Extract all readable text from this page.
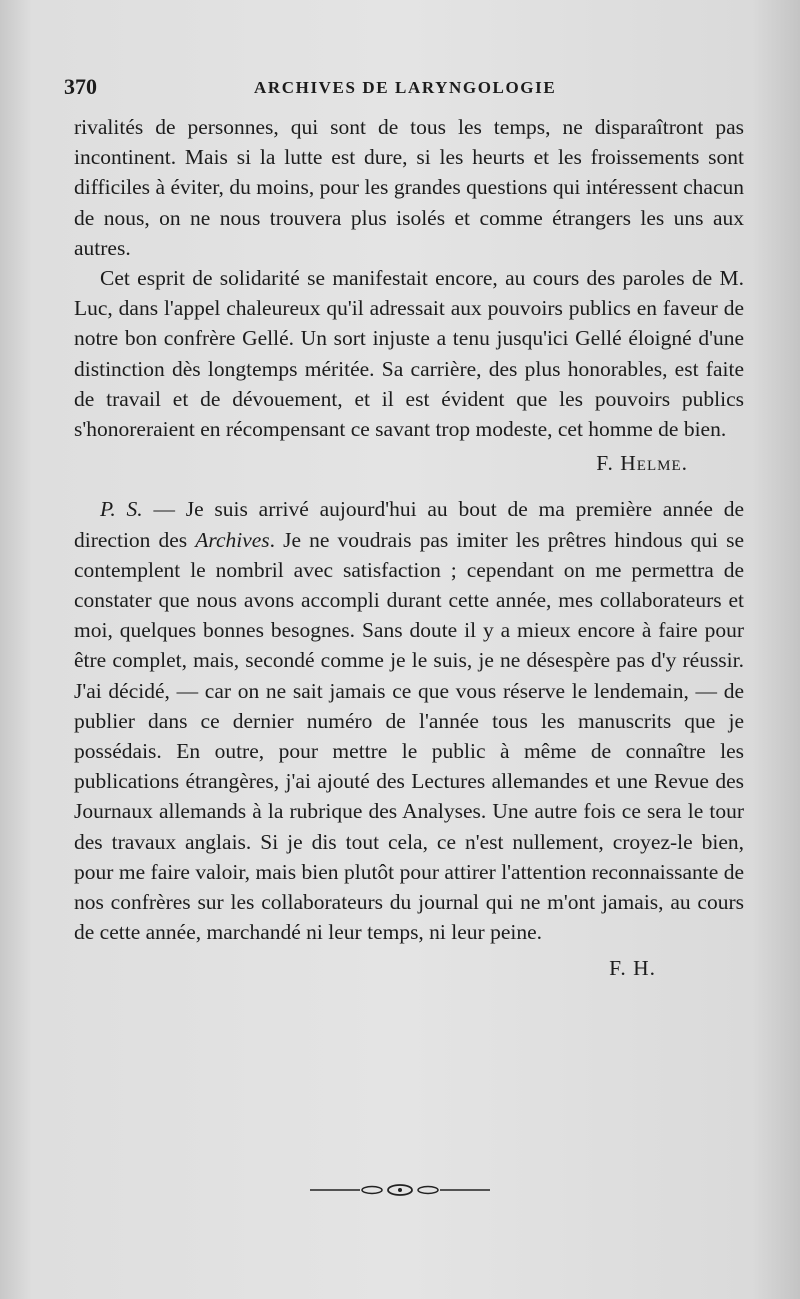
370	ARCHIVES DE LARYNGOLOGIE

rivalités de personnes, qui sont de tous les temps, ne disparaîtront pas incontinent. Mais si la lutte est dure, si les heurts et les froissements sont difficiles à éviter, du moins, pour les grandes questions qui intéressent chacun de nous, on ne nous trouvera plus isolés et comme étrangers les uns aux autres.

Cet esprit de solidarité se manifestait encore, au cours des paroles de M. Luc, dans l'appel chaleureux qu'il adressait aux pouvoirs publics en faveur de notre bon confrère Gellé. Un sort injuste a tenu jusqu'ici Gellé éloigné d'une distinction dès longtemps méritée. Sa carrière, des plus honorables, est faite de travail et de dévouement, et il est évident que les pouvoirs publics s'honoreraient en récompensant ce savant trop modeste, cet homme de bien.

F. Helme.

P. S. — Je suis arrivé aujourd'hui au bout de ma première année de direction des Archives. Je ne voudrais pas imiter les prêtres hindous qui se contemplent le nombril avec satisfaction ; cependant on me permettra de constater que nous avons accompli durant cette année, mes collaborateurs et moi, quelques bonnes besognes. Sans doute il y a mieux encore à faire pour être complet, mais, secondé comme je le suis, je ne désespère pas d'y réussir. J'ai décidé, — car on ne sait jamais ce que vous réserve le lendemain, — de publier dans ce dernier numéro de l'année tous les manuscrits que je possédais. En outre, pour mettre le public à même de connaître les publications étrangères, j'ai ajouté des Lectures allemandes et une Revue des Journaux allemands à la rubrique des Analyses. Une autre fois ce sera le tour des travaux anglais. Si je dis tout cela, ce n'est nullement, croyez-le bien, pour me faire valoir, mais bien plutôt pour attirer l'attention reconnaissante de nos confrères sur les collaborateurs du journal qui ne m'ont jamais, au cours de cette année, marchandé ni leur temps, ni leur peine.

F. H.
